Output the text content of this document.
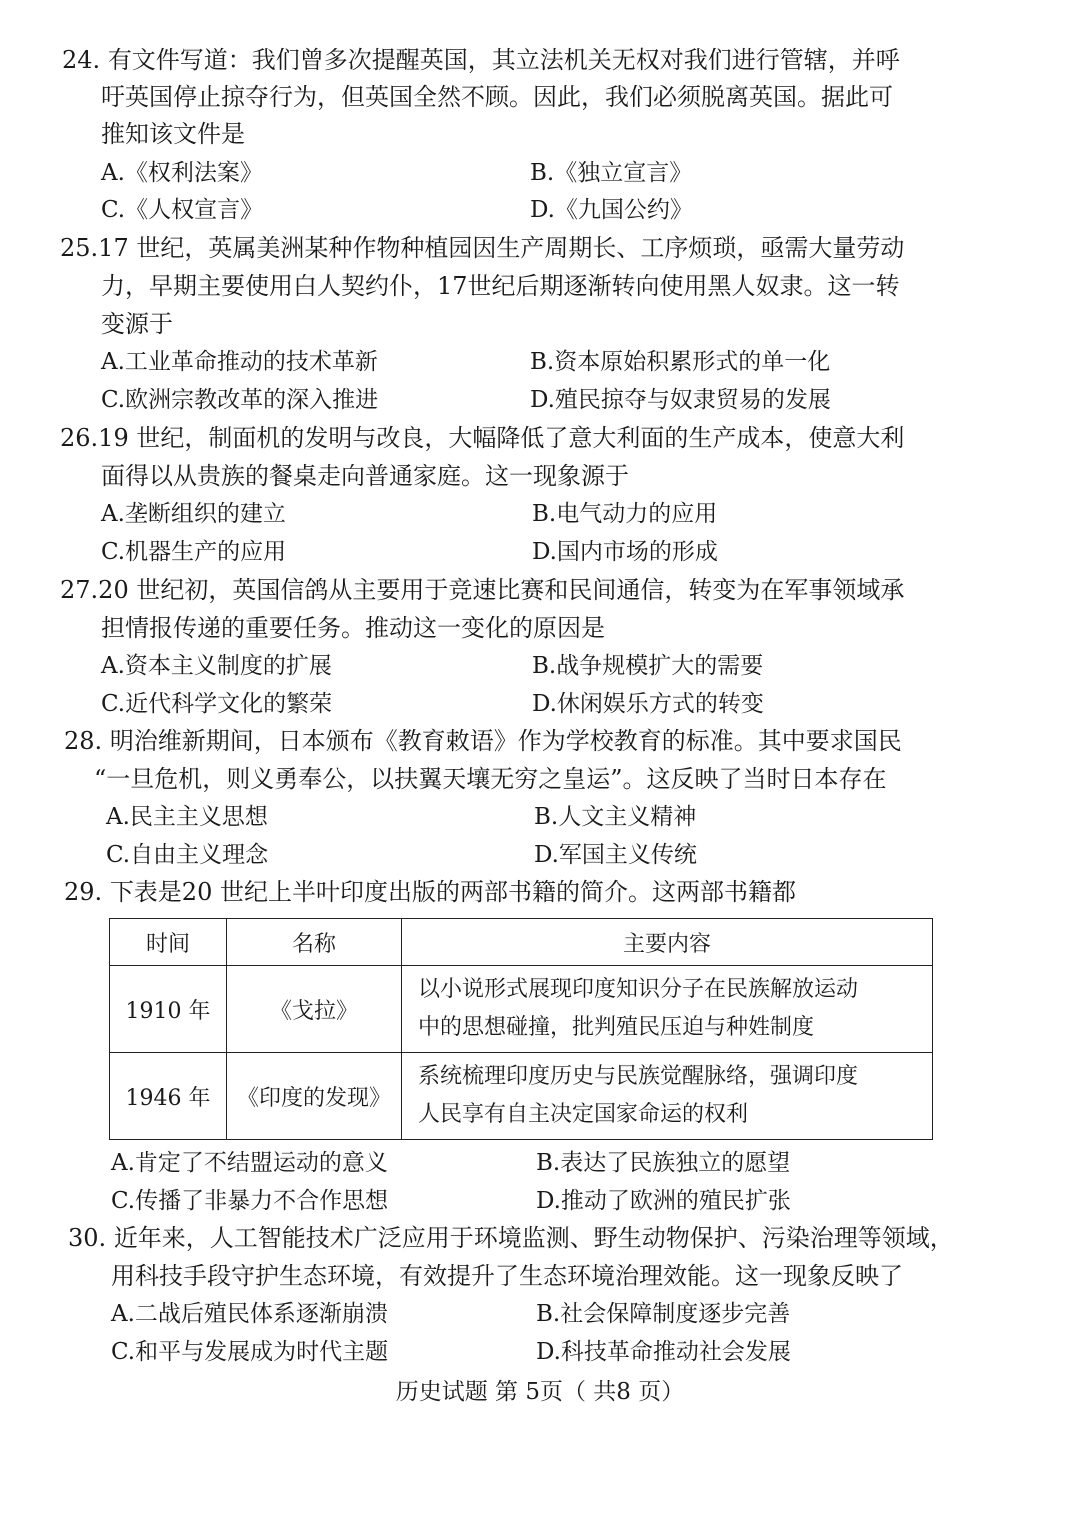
24. 有文件写道：我们曾多次提醒英国，其立法机关无权对我们进行管辖，并呼
吁英国停止掠夺行为，但英国全然不顾。因此，我们必须脱离英国。据此可
推知该文件是
A.《权利法案》	B.《独立宣言》
C.《人权宣言》	D.《九国公约》
25.17 世纪，英属美洲某种作物种植园因生产周期长、工序烦琐，亟需大量劳动
力，早期主要使用白人契约仆，17世纪后期逐渐转向使用黑人奴隶。这一转
变源于
A.工业革命推动的技术革新	B.资本原始积累形式的单一化
C.欧洲宗教改革的深入推进	D.殖民掠夺与奴隶贸易的发展
26.19 世纪，制面机的发明与改良，大幅降低了意大利面的生产成本，使意大利
面得以从贵族的餐桌走向普通家庭。这一现象源于
A.垄断组织的建立	B.电气动力的应用
C.机器生产的应用	D.国内市场的形成
27.20 世纪初，英国信鸽从主要用于竞速比赛和民间通信，转变为在军事领域承
担情报传递的重要任务。推动这一变化的原因是
A.资本主义制度的扩展	B.战争规模扩大的需要
C.近代科学文化的繁荣	D.休闲娱乐方式的转变
28. 明治维新期间，日本颁布《教育敕语》作为学校教育的标准。其中要求国民
“一旦危机，则义勇奉公，以扶翼天壤无穷之皇运”。这反映了当时日本存在
A.民主主义思想	B.人文主义精神
C.自由主义理念	D.军国主义传统
29. 下表是20 世纪上半叶印度出版的两部书籍的简介。这两部书籍都
时间	名称	主要内容
1910 年	《戈拉》	以小说形式展现印度知识分子在民族解放运动
中的思想碰撞，批判殖民压迫与种姓制度

1946 年	《印度的发现》	系统梳理印度历史与民族觉醒脉络，强调印度
人民享有自主决定国家命运的权利
A.肯定了不结盟运动的意义	B.表达了民族独立的愿望
C.传播了非暴力不合作思想	D.推动了欧洲的殖民扩张
30. 近年来，人工智能技术广泛应用于环境监测、野生动物保护、污染治理等领域，
用科技手段守护生态环境，有效提升了生态环境治理效能。这一现象反映了
A.二战后殖民体系逐渐崩溃	B.社会保障制度逐步完善
C.和平与发展成为时代主题	D.科技革命推动社会发展
历史试题 第 5页（ 共8 页）
